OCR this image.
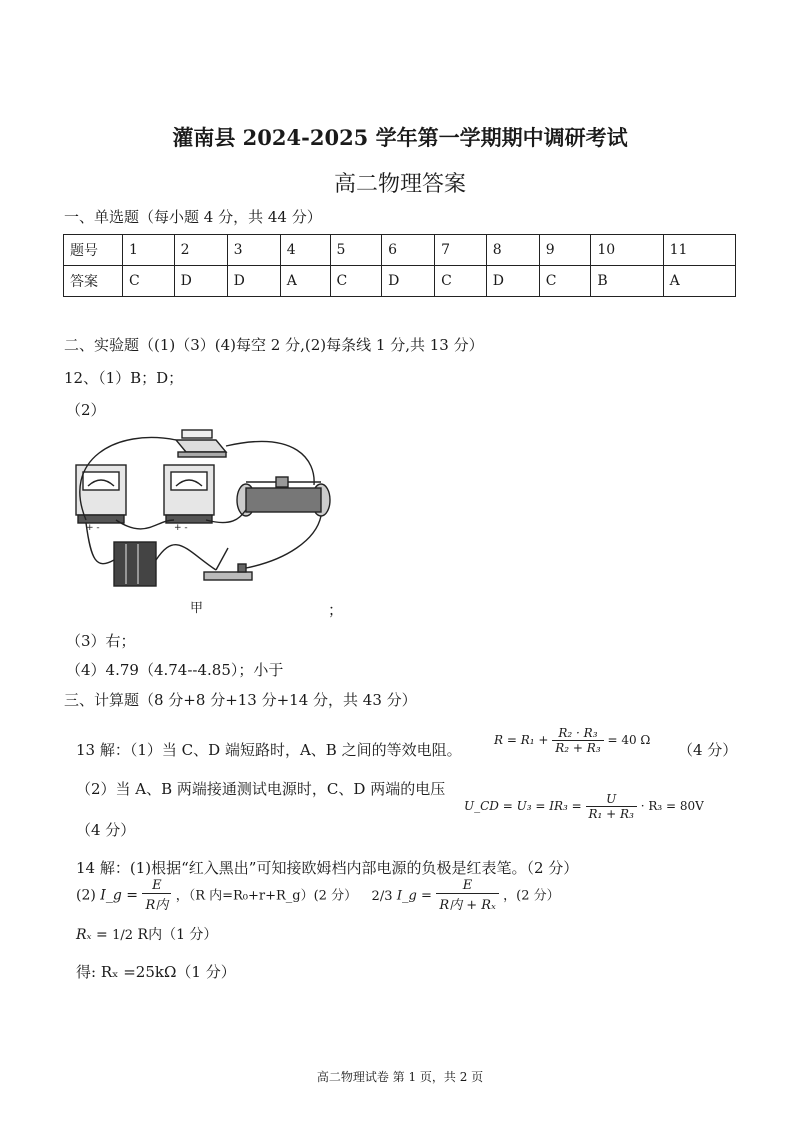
灌南县 2024-2025 学年第一学期期中调研考试
高二物理答案
一、单选题（每小题 4 分，共 44 分）
题号	1	2	3	4	5	6	7	8	9	10	11
答案	C	D	D	A	C	D	C	D	C	B	A
二、实验题（(1)（3）(4)每空 2 分,(2)每条线 1 分,共 13 分）
12、（1）B；D；
（2）
+ -	+ -
甲	；
（3）右；
（4）4.79（4.74--4.85）；小于
三、计算题（8 分+8 分+13 分+14 分，共 43 分）
13 解：（1）当 C、D 端短路时，A、B 之间的等效电阻。
$R = R_1 + \frac{\text{R₂ · R₃}}{\text{R₂ + R₃}} = 40$ Ω
（4 分）
（2）当 A、B 两端接通测试电源时，C、D 两端的电压
U_CD = $U_3 = IR_3 = \frac{U}{\text{R₁ + R₃}} \cdot R_3 = 80V$
（4 分）
14 解：(1)根据“红入黑出”可知接欧姆档内部电源的负极是红表笔。（2 分）
(2) I_g = $\frac{E}{\text{R内}}$ ，（R 内=R₀+r+R_g）(2 分） 2/3 I_g = $\frac{E}{\text{R内 + Rₓ}}$ ，(2 分）
Rₓ = 1/2 R内（1 分）
得: Rₓ =25kΩ（1 分）
高二物理试卷 第 1 页，共 2 页
